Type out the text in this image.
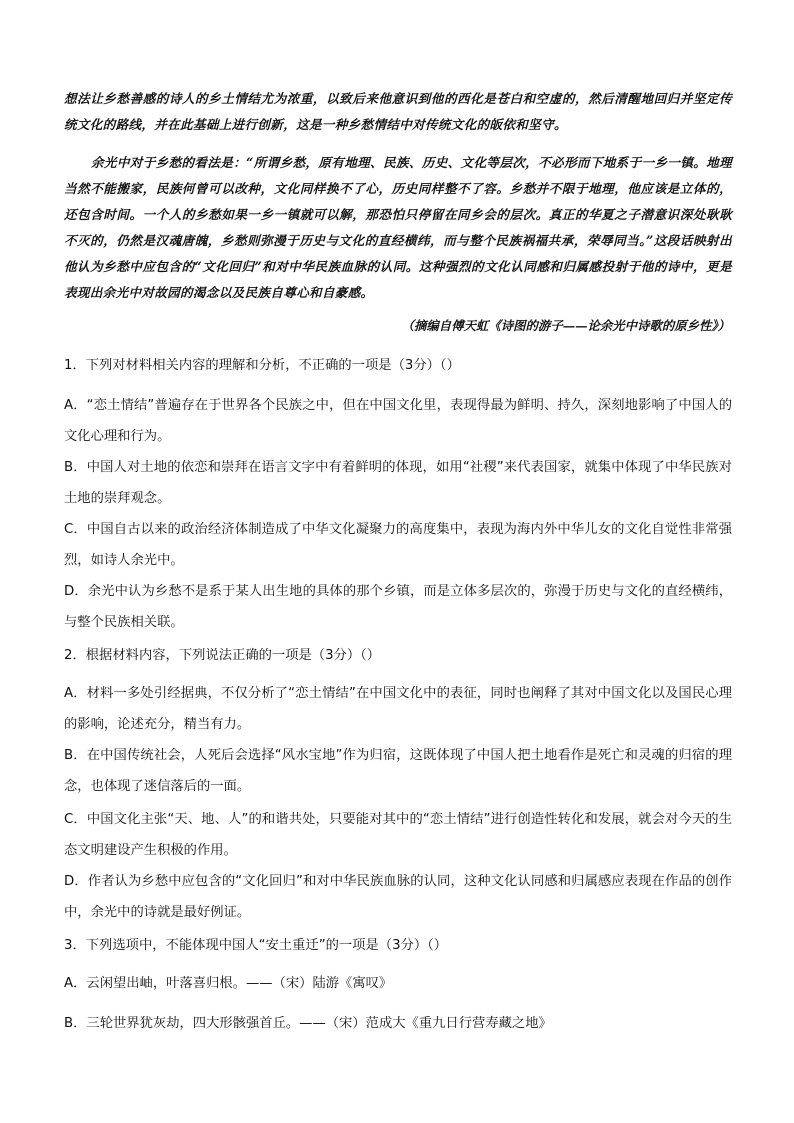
想法让乡愁善感的诗人的乡土情结尤为浓重，以致后来他意识到他的西化是苍白和空虚的，然后清醒地回归并坚定传统文化的路线，并在此基础上进行创新，这是一种乡愁情结中对传统文化的皈依和坚守。
余光中对于乡愁的看法是：“所谓乡愁，原有地理、民族、历史、文化等层次，不必形而下地系于一乡一镇。地理当然不能搬家，民族何曾可以改种，文化同样换不了心，历史同样整不了容。乡愁并不限于地理，他应该是立体的，还包含时间。一个人的乡愁如果一乡一镇就可以解，那恐怕只停留在同乡会的层次。真正的华夏之子潜意识深处耿耿不灭的，仍然是汉魂唐魄，乡愁则弥漫于历史与文化的直经横纬，而与整个民族祸福共承，荣辱同当。”这段话映射出他认为乡愁中应包含的“文化回归”和对中华民族血脉的认同。这种强烈的文化认同感和归属感投射于他的诗中，更是表现出余光中对故园的渴念以及民族自尊心和自豪感。
（摘编自傅天虹《诗图的游子——论余光中诗歌的原乡性》）
1．下列对材料相关内容的理解和分析，不正确的一项是（3分）（）
A．“恋土情结”普遍存在于世界各个民族之中，但在中国文化里，表现得最为鲜明、持久，深刻地影响了中国人的文化心理和行为。
B．中国人对土地的依恋和崇拜在语言文字中有着鲜明的体现，如用“社稷”来代表国家，就集中体现了中华民族对土地的崇拜观念。
C．中国自古以来的政治经济体制造成了中华文化凝聚力的高度集中，表现为海内外中华儿女的文化自觉性非常强烈，如诗人余光中。
D．余光中认为乡愁不是系于某人出生地的具体的那个乡镇，而是立体多层次的，弥漫于历史与文化的直经横纬，与整个民族相关联。
2．根据材料内容，下列说法正确的一项是（3分）（）
A．材料一多处引经据典，不仅分析了“恋土情结”在中国文化中的表征，同时也阐释了其对中国文化以及国民心理的影响，论述充分，精当有力。
B．在中国传统社会，人死后会选择“风水宝地”作为归宿，这既体现了中国人把土地看作是死亡和灵魂的归宿的理念，也体现了迷信落后的一面。
C．中国文化主张“天、地、人”的和谐共处，只要能对其中的“恋土情结”进行创造性转化和发展，就会对今天的生态文明建设产生积极的作用。
D．作者认为乡愁中应包含的“文化回归”和对中华民族血脉的认同，这种文化认同感和归属感应表现在作品的创作中，余光中的诗就是最好例证。
3．下列选项中，不能体现中国人“安土重迁”的一项是（3分）（）
A．云闲望出岫，叶落喜归根。——（宋）陆游《寓叹》
B．三轮世界犹灰劫，四大形骸强首丘。——（宋）范成大《重九日行营寿藏之地》
